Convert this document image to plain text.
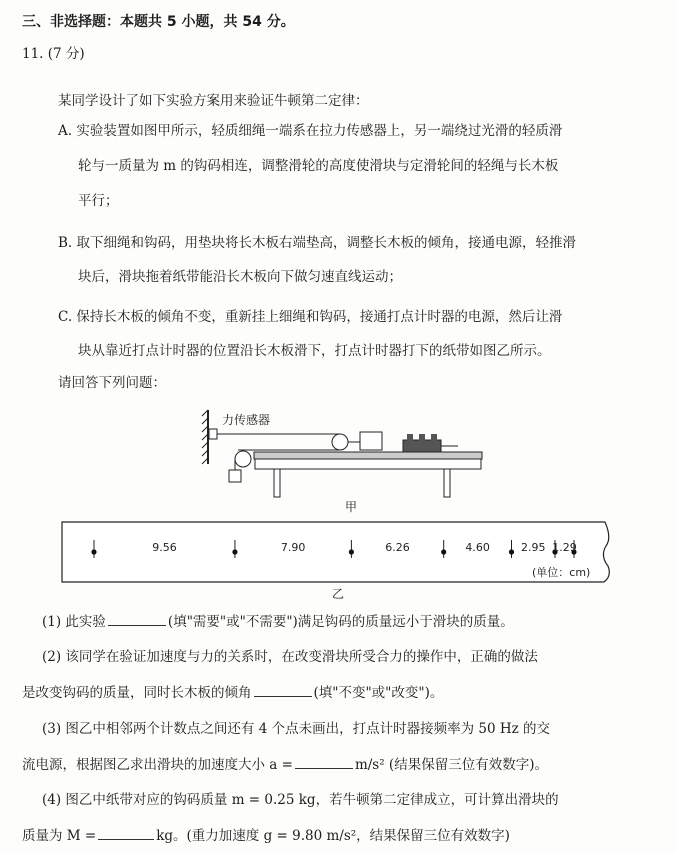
三、非选择题：本题共 5 小题，共 54 分。
11. (7 分)
某同学设计了如下实验方案用来验证牛顿第二定律：
A. 实验装置如图甲所示，轻质细绳一端系在拉力传感器上，另一端绕过光滑的轻质滑
轮与一质量为 m 的钩码相连，调整滑轮的高度使滑块与定滑轮间的轻绳与长木板
平行；
B. 取下细绳和钩码，用垫块将长木板右端垫高，调整长木板的倾角，接通电源，轻推滑
块后，滑块拖着纸带能沿长木板向下做匀速直线运动；
C. 保持长木板的倾角不变，重新挂上细绳和钩码，接通打点计时器的电源，然后让滑
块从靠近打点计时器的位置沿长木板滑下，打点计时器打下的纸带如图乙所示。
请回答下列问题：
力传感器
甲
9.56	7.90	6.26	4.60	2.95 1.29
(单位：cm)
乙
(1) 此实验	(填"需要"或"不需要")满足钩码的质量远小于滑块的质量。
(2) 该同学在验证加速度与力的关系时，在改变滑块所受合力的操作中，正确的做法
是改变钩码的质量，同时长木板的倾角	(填"不变"或"改变")。
(3) 图乙中相邻两个计数点之间还有 4 个点未画出，打点计时器接频率为 50 Hz 的交
流电源，根据图乙求出滑块的加速度大小 a =	m/s² (结果保留三位有效数字)。
(4) 图乙中纸带对应的钩码质量 m = 0.25 kg，若牛顿第二定律成立，可计算出滑块的
质量为 M =	kg。(重力加速度 g = 9.80 m/s²，结果保留三位有效数字)
